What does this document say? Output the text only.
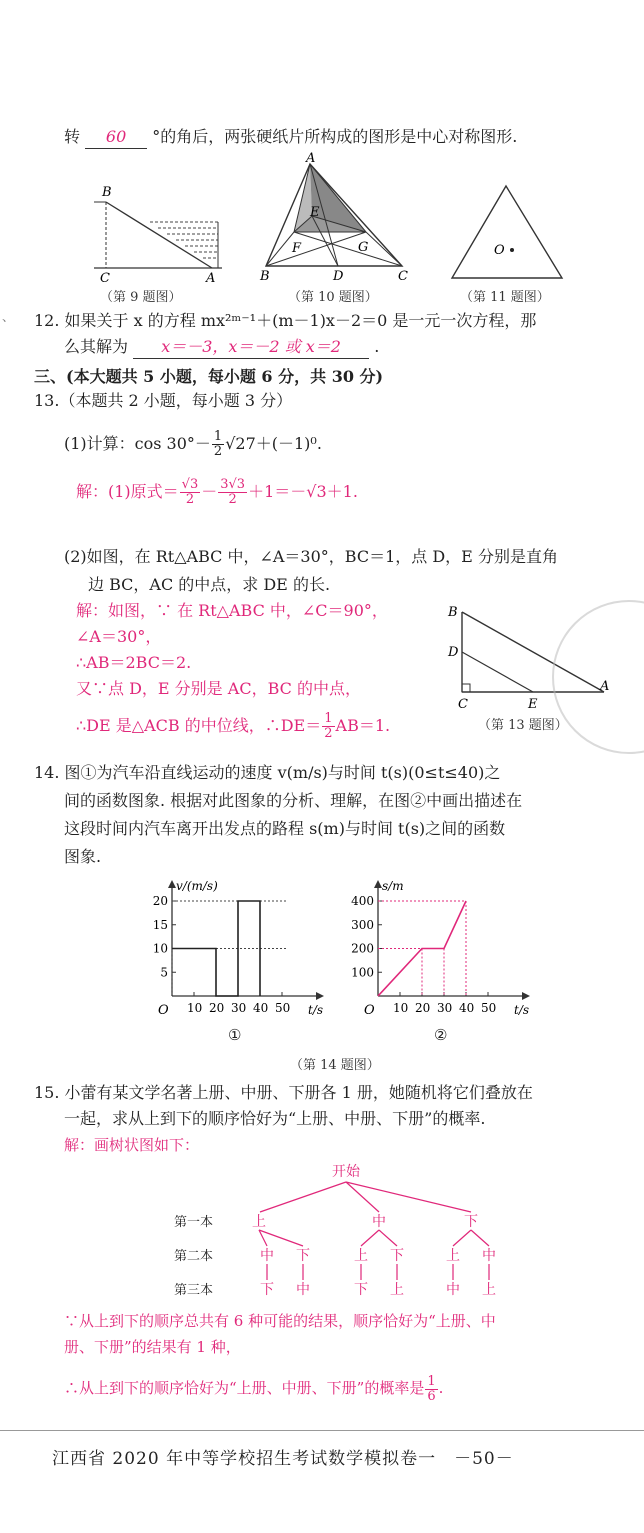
、
转 60 °的角后，两张硬纸片所构成的图形是中心对称图形.
B
C	A
（第 9 题图）
A
E
F	G
B	D	C
（第 10 题图）
O
（第 11 题图）
12. 如果关于 x 的方程 mx²ᵐ⁻¹＋(m－1)x－2＝0 是一元一次方程，那
么其解为 x＝－3，x＝－2 或 x＝2 .
三、(本大题共 5 小题，每小题 6 分，共 30 分)
13.（本题共 2 小题，每小题 3 分）
(1)计算：$\cos 30^\circ- \frac{1}{2} √27+(-1)^0$.
解：(1)原式＝ $\frac{√3}{2} - \frac{3√3}{2} +1=-√3+1$.
(2)如图，在 Rt△ABC 中，∠A＝30°，BC＝1，点 D，E 分别是直角
边 BC，AC 的中点，求 DE 的长.
解：如图，∵ 在 Rt△ABC 中，∠C＝90°，
∠A＝30°，
∴AB＝2BC＝2.
又∵点 D，E 分别是 AC，BC 的中点，
∴DE 是△ACB 的中位线，∴DE＝ $\frac{1}{2} AB=1$.
B
D
C	E
A
（第 13 题图）
14. 图①为汽车沿直线运动的速度 v(m/s)与时间 t(s)(0≤t≤40)之
间的函数图象. 根据对此图象的分析、理解，在图②中画出描述在
这段时间内汽车离开出发点的路程 s(m)与时间 t(s)之间的函数
图象.
v/(m/s)
t/s
O 10 20 30 40 50
5
10
15
20
①
s/m
t/s
O 10 20 30 40 50
100
200
300
400
②
（第 14 题图）
15. 小蕾有某文学名著上册、中册、下册各 1 册，她随机将它们叠放在
一起，求从上到下的顺序恰好为“上册、中册、下册”的概率.
解：画树状图如下：
开始
上	中	下
中 下	上 下	上 中
下 中	下 上	中 上
第一本
第二本
第三本
∵从上到下的顺序总共有 6 种可能的结果，顺序恰好为“上册、中
册、下册”的结果有 1 种，
∴从上到下的顺序恰好为“上册、中册、下册”的概率是 $\frac{1}{6}$ .
江西省 2020 年中等学校招生考试数学模拟卷一　－50－
